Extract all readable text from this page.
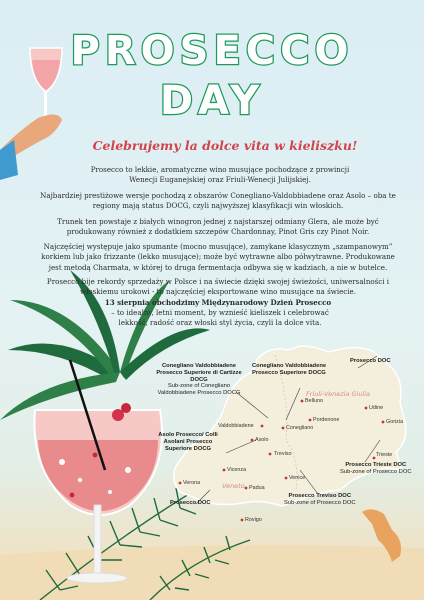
PROSECCO
DAY
Celebrujemy la dolce vita w kieliszku!
Prosecco to lekkie, aromatyczne wino musujące pochodzące z prowincji Wenecji Euganejskiej oraz Friuli-Wenecji Julijskiej.
Najbardziej prestiżowe wersje pochodzą z obszarów Conegliano-Valdobbiadene oraz Asolo – oba te regiony mają status DOCG, czyli najwyższej klasyfikacji win włoskich.
Trunek ten powstaje z białych winogron jednej z najstarszej odmiany Glera, ale może być produkowany również z dodatkiem szczepów Chardonnay, Pinot Gris czy Pinot Noir.
Najczęściej występuje jako spumante (mocno musujące), zamykane klasycznym „szampanowym” korkiem lub jako frizzante (lekko musujące); może być wytrawne albo półwytrawne. Produkowane jest metodą Charmata, w której to druga fermentacja odbywa się w kadziach, a nie w butelce.
Prosecco bije rekordy sprzedaży w Polsce i na świecie dzięki swojej świeżości, uniwersalności i włoskiemu urokowi - to najczęściej eksportowane wino musujące na świecie.
13 sierpnia obchodzimy Międzynarodowy Dzień Prosecco
– to idealny, letni moment, by wznieść kieliszek i celebrować lekkość, radość oraz włoski styl życia, czyli la dolce vita.
Friuli-Venezia Giulia
Veneto
Prosecco DOC
Conegliano Valdobbiadene Prosecco Superiore di Cartizze DOCG
Sub-zone of Conegliano Valdobbiadene Prosecco DOCG
Conegliano Valdobbiadene Prosecco Superiore DOCG
Asolo Prosecco/ Colli Asolani Prosecco Superiore DOCG
Prosecco Trieste DOC
Sub-zone of Prosecco DOC
Prosecco Treviso DOC
Sub-zone of Prosecco DOC
Prosecco DOC
Belluno
Pordenone
Udine
Gorizia
Trieste
Conegliano
Valdobbiadene
Asolo
Treviso
Vicenza
Venice
Verona
Padua
Rovigo
